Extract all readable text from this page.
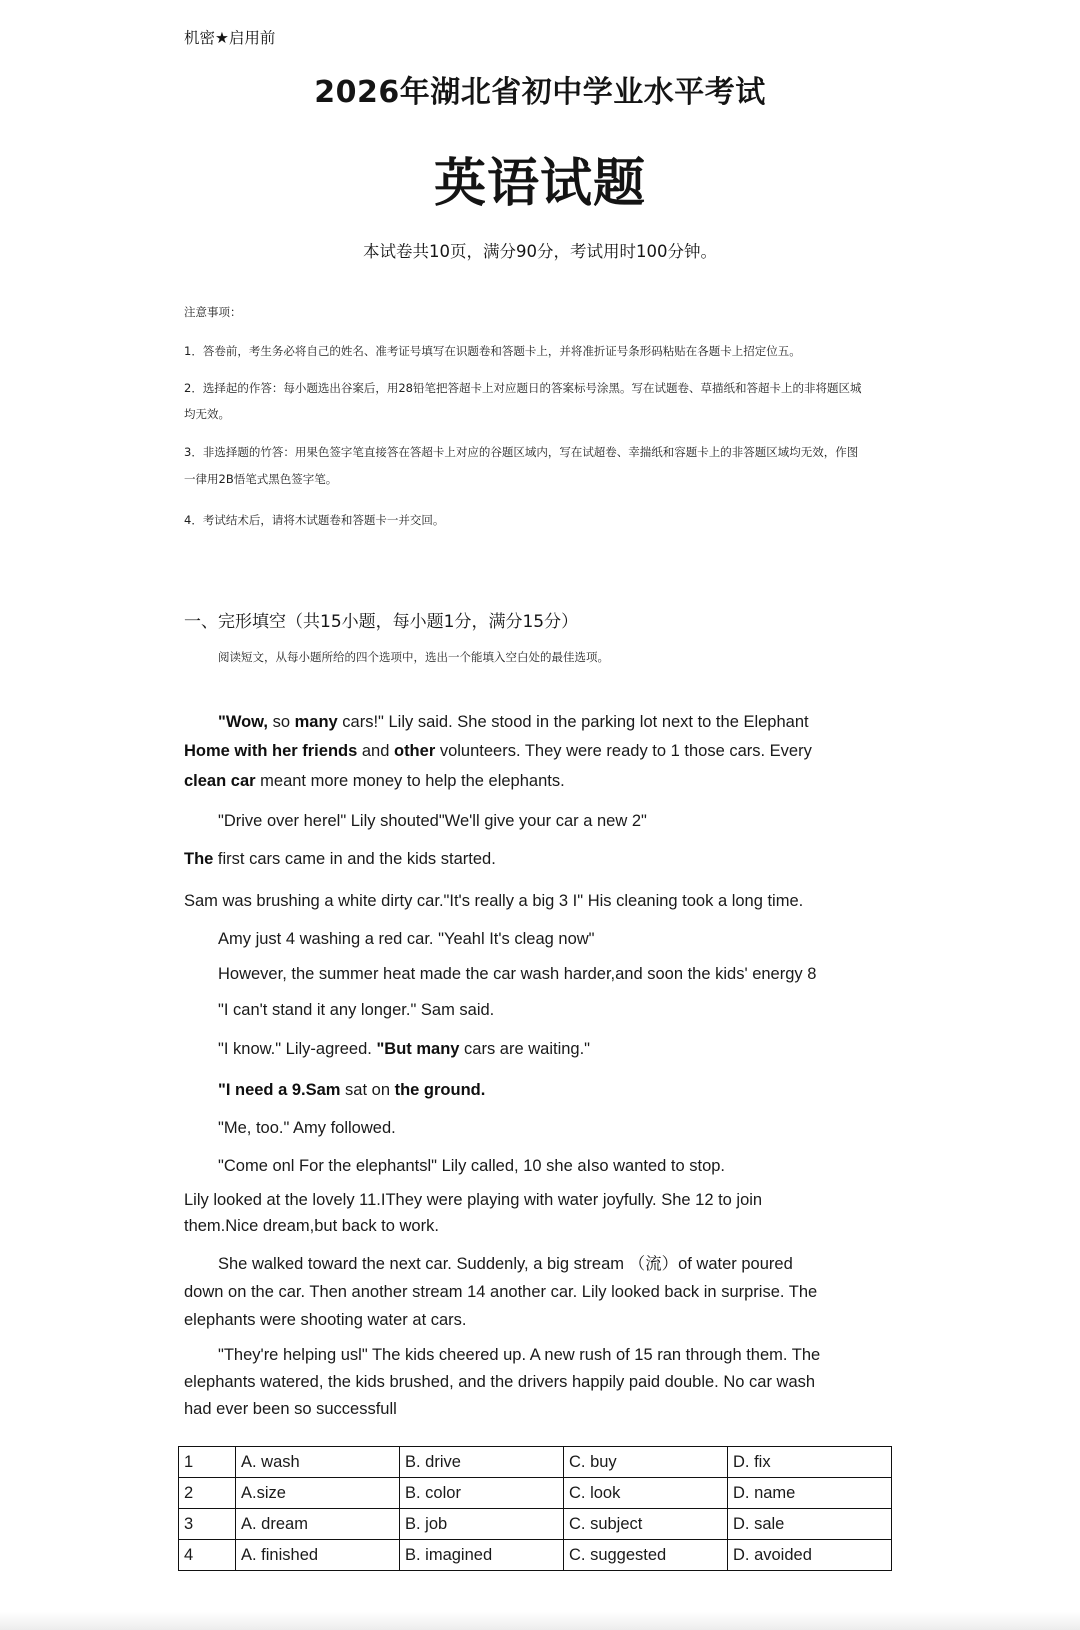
机密★启用前
2026年湖北省初中学业水平考试
英语试题
本试卷共10页，满分90分，考试用时100分钟。
注意事项：
1．答卷前，考生务必将自己的姓名、准考证号填写在识题卷和答题卡上，并将准折证号条形码粘贴在各题卡上招定位五。
2．选择起的作答：每小题选出谷案后，用28铅笔把答超卡上对应题日的答案标号涂黑。写在试题卷、草描纸和答超卡上的非将题区城
均无效。
3．非选择题的竹答：用果色签字笔直接答在答超卡上对应的谷题区域内，写在试超卷、幸揣纸和容题卡上的非答题区域均无效，作图
一律用2B悟笔式黑色签字笔。
4．考试结术后，请将木试题卷和答题卡一并交回。
一、完形填空（共15小题，每小题1分，满分15分）
阅读短文，从每小题所给的四个选项中，选出一个能填入空白处的最佳选项。
"Wow, so many cars!" Lily said. She stood in the parking lot next to the Elephant
Home with her friends and other volunteers. They were ready to 1 those cars. Every
clean car meant more money to help the elephants.
"Drive over herel" Lily shouted"We'll give your car a new 2"
The first cars came in and the kids started.
Sam was brushing a white dirty car."It's really a big 3 I" His cleaning took a long time.
Amy just 4 washing a red car. "Yeahl It's cleag now"
However, the summer heat made the car wash harder,and soon the kids' energy 8
"I can't stand it any longer." Sam said.
"I know." Lily-agreed. "But many cars are waiting."
"I need a 9.Sam sat on the ground.
"Me, too." Amy followed.
"Come onl For the elephantsl" Lily called, 10 she aIso wanted to stop.
Lily looked at the lovely 11.IThey were playing with water joyfully. She 12 to join
them.Nice dream,but back to work.
She walked toward the next car. Suddenly, a big stream （流）of water poured
down on the car. Then another stream 14 another car. Lily looked back in surprise. The
elephants were shooting water at cars.
"They're helping usl" The kids cheered up. A new rush of 15 ran through them. The
elephants watered, the kids brushed, and the drivers happily paid double. No car wash
had ever been so successfull
1	A. wash	B. drive	C. buy	D. fix
2	A.size	B. color	C. look	D. name
3	A. dream	B. job	C. subject	D. sale
4	A. finished	B. imagined	C. suggested	D. avoided
